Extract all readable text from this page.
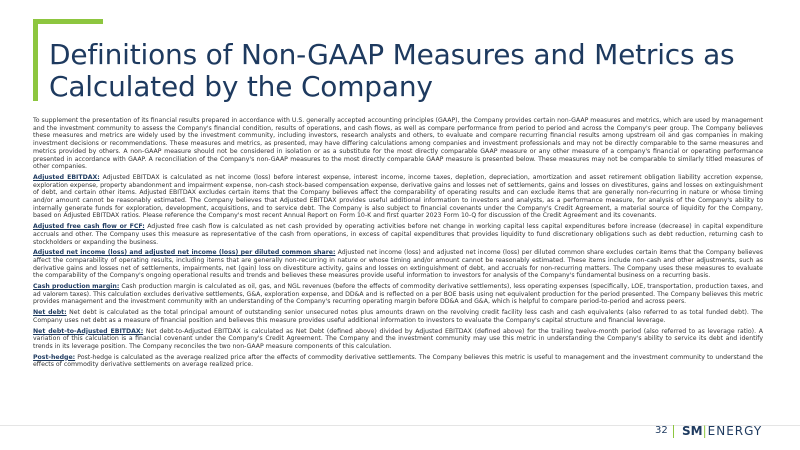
Definitions of Non-GAAP Measures and Metrics as Calculated by the Company

To supplement the presentation of its financial results prepared in accordance with U.S. generally accepted accounting principles (GAAP), the Company provides certain non-GAAP measures and metrics, which are used by management and the investment community to assess the Company's financial condition, results of operations, and cash flows, as well as compare performance from period to period and across the Company's peer group. The Company believes these measures and metrics are widely used by the investment community, including investors, research analysts and others, to evaluate and compare recurring financial results among upstream oil and gas companies in making investment decisions or recommendations. These measures and metrics, as presented, may have differing calculations among companies and investment professionals and may not be directly comparable to the same measures and metrics provided by others. A non-GAAP measure should not be considered in isolation or as a substitute for the most directly comparable GAAP measure or any other measure of a company's financial or operating performance presented in accordance with GAAP. A reconciliation of the Company's non-GAAP measures to the most directly comparable GAAP measure is presented below. These measures may not be comparable to similarly titled measures of other companies.

Adjusted EBITDAX: Adjusted EBITDAX is calculated as net income (loss) before interest expense, interest income, income taxes, depletion, depreciation, amortization and asset retirement obligation liability accretion expense, exploration expense, property abandonment and impairment expense, non-cash stock-based compensation expense, derivative gains and losses net of settlements, gains and losses on divestitures, gains and losses on extinguishment of debt, and certain other items. Adjusted EBITDAX excludes certain items that the Company believes affect the comparability of operating results and can exclude items that are generally non-recurring in nature or whose timing and/or amount cannot be reasonably estimated. The Company believes that Adjusted EBITDAX provides useful additional information to investors and analysts, as a performance measure, for analysis of the Company's ability to internally generate funds for exploration, development, acquisitions, and to service debt. The Company is also subject to financial covenants under the Company's Credit Agreement, a material source of liquidity for the Company, based on Adjusted EBITDAX ratios. Please reference the Company's most recent Annual Report on Form 10-K and first quarter 2023 Form 10-Q for discussion of the Credit Agreement and its covenants.

Adjusted free cash flow or FCF: Adjusted free cash flow is calculated as net cash provided by operating activities before net change in working capital less capital expenditures before increase (decrease) in capital expenditure accruals and other. The Company uses this measure as representative of the cash from operations, in excess of capital expenditures that provides liquidity to fund discretionary obligations such as debt reduction, returning cash to stockholders or expanding the business.

Adjusted net income (loss) and adjusted net income (loss) per diluted common share: Adjusted net income (loss) and adjusted net income (loss) per diluted common share excludes certain items that the Company believes affect the comparability of operating results, including items that are generally non-recurring in nature or whose timing and/or amount cannot be reasonably estimated. These items include non-cash and other adjustments, such as derivative gains and losses net of settlements, impairments, net (gain) loss on divestiture activity, gains and losses on extinguishment of debt, and accruals for non-recurring matters. The Company uses these measures to evaluate the comparability of the Company's ongoing operational results and trends and believes these measures provide useful information to investors for analysis of the Company's fundamental business on a recurring basis.

Cash production margin: Cash production margin is calculated as oil, gas, and NGL revenues (before the effects of commodity derivative settlements), less operating expenses (specifically, LOE, transportation, production taxes, and ad valorem taxes). This calculation excludes derivative settlements, G&A, exploration expense, and DD&A and is reflected on a per BOE basis using net equivalent production for the period presented. The Company believes this metric provides management and the investment community with an understanding of the Company's recurring operating margin before DD&A and G&A, which is helpful to compare period-to-period and across peers.

Net debt: Net debt is calculated as the total principal amount of outstanding senior unsecured notes plus amounts drawn on the revolving credit facility less cash and cash equivalents (also referred to as total funded debt). The Company uses net debt as a measure of financial position and believes this measure provides useful additional information to investors to evaluate the Company's capital structure and financial leverage.

Net debt-to-Adjusted EBITDAX: Net debt-to-Adjusted EBITDAX is calculated as Net Debt (defined above) divided by Adjusted EBITDAX (defined above) for the trailing twelve-month period (also referred to as leverage ratio). A variation of this calculation is a financial covenant under the Company's Credit Agreement. The Company and the investment community may use this metric in understanding the Company's ability to service its debt and identify trends in its leverage position. The Company reconciles the two non-GAAP measure components of this calculation.

Post-hedge: Post-hedge is calculated as the average realized price after the effects of commodity derivative settlements. The Company believes this metric is useful to management and the investment community to understand the effects of commodity derivative settlements on average realized price.

32 SM|ENERGY
